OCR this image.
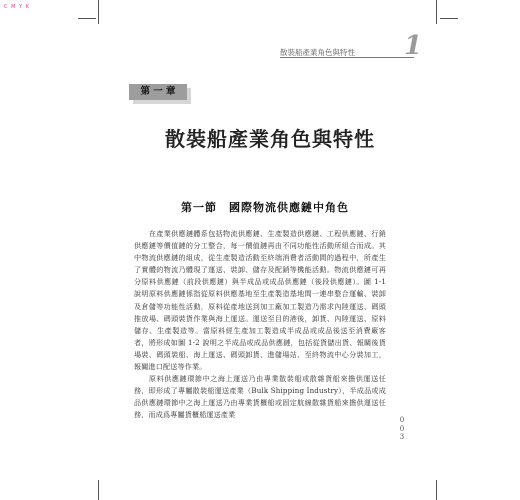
C M Y K
散裝船產業角色與特性	1
第 一 章
散裝船產業角色與特性
第一節　國際物流供應鏈中角色

在產業供應鏈體系包括物流供應鏈、生產製造供應鏈、工程供應鏈、行銷供應鏈等價值鏈的分工整合，每一價值鏈再由不同功能性活動所組合而成。其中物流供應鏈的組成，從生產製造活動至終端消費者活動間的過程中，所產生了實體的物流乃體現了運送、裝卸、儲存及配銷等機能活動。物流供應鏈可再分原料供應鏈（前段供應鏈）與半成品或成品供應鏈（後段供應鏈）。圖 1-1 說明原料供應鏈係指從原料供應基地至生產製造基地間一連串整合運輸、裝卸及倉儲等功能性活動，原料從產地送到加工廠加工製造乃需求內陸運送、碼頭推放場、碼頭裝貨作業與海上運送。運送至目的港後，卸貨、內陸運送、原料儲存、生產製造等。當原料經生產加工製造成半成品或成品後送至消費廠客者，將形成如圖 1-2 說明之半成品或成品供應鏈，包括從貨儲出貨、報關後貨場裝、碼頭裝船、海上運送、碼頭卸貨、進儲場站、至終物流中心分裝加工，報關進口配送等作業。

原料供應鏈環節中之海上運送乃由專業散裝船或散雜貨船來擔供運送任務，即形成了專屬散裝船運送產業（Bulk Shipping Industry），半成品或成品供應鏈環節中之海上運送乃由專業貨櫃船或固定航線散雜貨船來擔供運送任務，而成爲專屬貨櫃船運送產業

0
0
3
